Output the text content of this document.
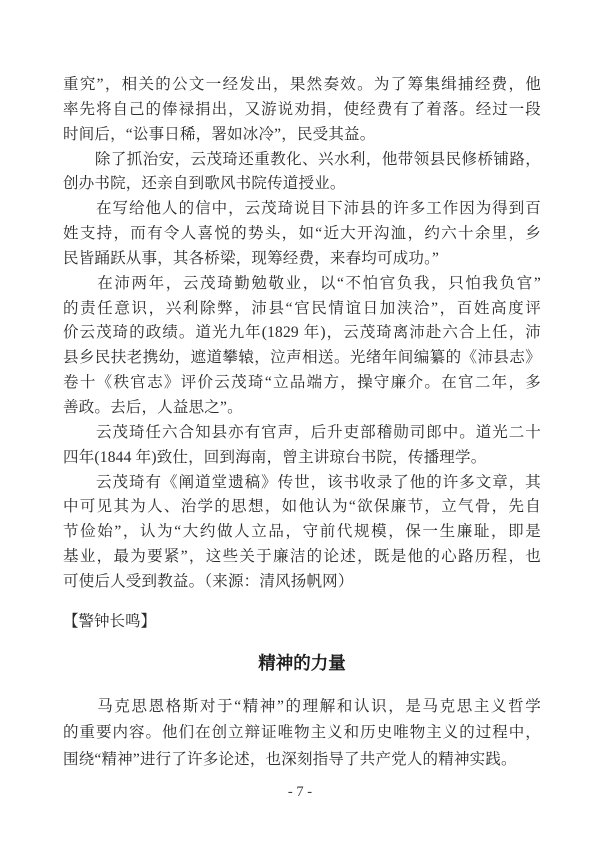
重究”，相关的公文一经发出，果然奏效。为了筹集缉捕经费，他
率先将自己的俸禄捐出，又游说劝捐，使经费有了着落。经过一段
时间后，“讼事日稀，署如冰冷”，民受其益。
　　除了抓治安，云茂琦还重教化、兴水利，他带领县民修桥铺路，
创办书院，还亲自到歌风书院传道授业。
　　在写给他人的信中，云茂琦说目下沛县的许多工作因为得到百
姓支持，而有令人喜悦的势头，如“近大开沟洫，约六十余里，乡
民皆踊跃从事，其各桥梁，现筹经费，来春均可成功。”
　　在沛两年，云茂琦勤勉敬业，以“不怕官负我，只怕我负官”
的责任意识，兴利除弊，沛县“官民情谊日加浃洽”，百姓高度评
价云茂琦的政绩。道光九年(1829 年)，云茂琦离沛赴六合上任，沛
县乡民扶老携幼，遮道攀辕，泣声相送。光绪年间编纂的《沛县志》
卷十《秩官志》评价云茂琦“立品端方，操守廉介。在官二年，多
善政。去后，人益思之”。
　　云茂琦任六合知县亦有官声，后升吏部稽勋司郎中。道光二十
四年(1844 年)致仕，回到海南，曾主讲琼台书院，传播理学。
　　云茂琦有《阐道堂遗稿》传世，该书收录了他的许多文章，其
中可见其为人、治学的思想，如他认为“欲保廉节，立气骨，先自
节俭始”，认为“大约做人立品，守前代规模，保一生廉耻，即是
基业，最为要紧”，这些关于廉洁的论述，既是他的心路历程，也
可使后人受到教益。（来源：清风扬帆网）
【警钟长鸣】
精神的力量
　　马克思恩格斯对于“精神”的理解和认识，是马克思主义哲学
的重要内容。他们在创立辩证唯物主义和历史唯物主义的过程中，
围绕“精神”进行了许多论述，也深刻指导了共产党人的精神实践。
- 7 -
